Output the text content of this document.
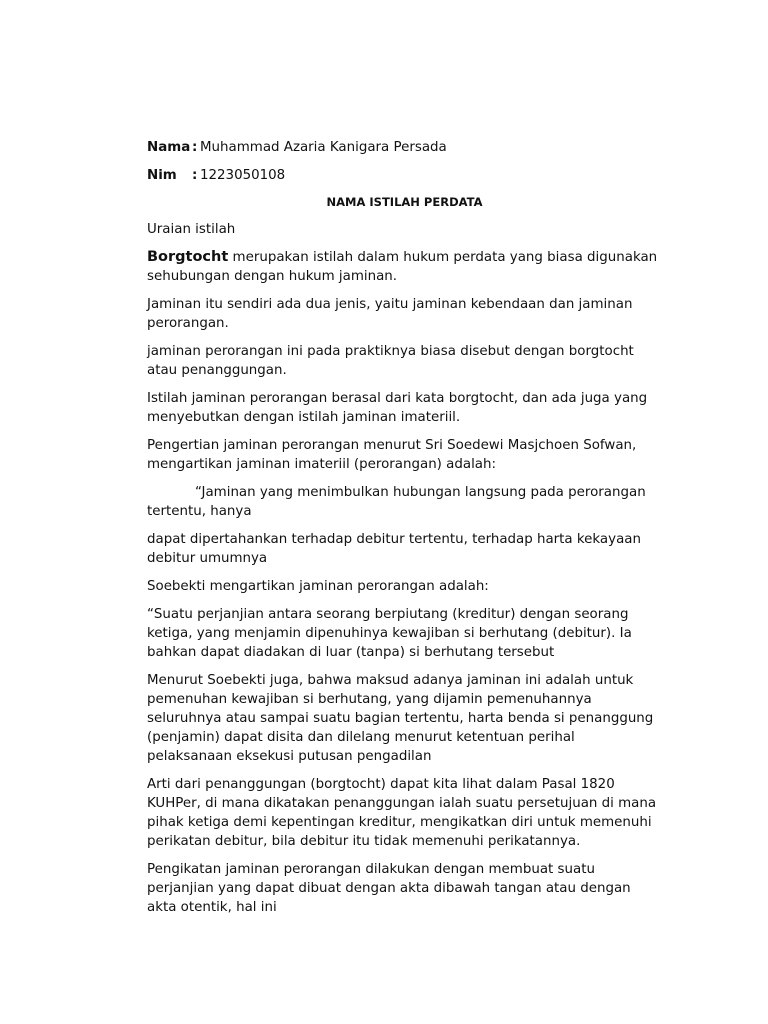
Nama : Muhammad Azaria Kanigara Persada
Nim	: 1223050108
NAMA ISTILAH PERDATA

Uraian istilah

Borgtocht merupakan istilah dalam hukum perdata yang biasa digunakan sehubungan dengan hukum jaminan.

Jaminan itu sendiri ada dua jenis, yaitu jaminan kebendaan dan jaminan perorangan.

jaminan perorangan ini pada praktiknya biasa disebut dengan borgtocht atau penanggungan.

Istilah jaminan perorangan berasal dari kata borgtocht, dan ada juga yang menyebutkan dengan istilah jaminan imateriil.

Pengertian jaminan perorangan menurut Sri Soedewi Masjchoen Sofwan, mengartikan jaminan imateriil (perorangan) adalah:

“Jaminan yang menimbulkan hubungan langsung pada perorangan tertentu, hanya

dapat dipertahankan terhadap debitur tertentu, terhadap harta kekayaan debitur umumnya

Soebekti mengartikan jaminan perorangan adalah:

“Suatu perjanjian antara seorang berpiutang (kreditur) dengan seorang ketiga, yang menjamin dipenuhinya kewajiban si berhutang (debitur). Ia bahkan dapat diadakan di luar (tanpa) si berhutang tersebut

Menurut Soebekti juga, bahwa maksud adanya jaminan ini adalah untuk pemenuhan kewajiban si berhutang, yang dijamin pemenuhannya seluruhnya atau sampai suatu bagian tertentu, harta benda si penanggung (penjamin) dapat disita dan dilelang menurut ketentuan perihal pelaksanaan eksekusi putusan pengadilan

Arti dari penanggungan (borgtocht) dapat kita lihat dalam Pasal 1820 KUHPer, di mana dikatakan penanggungan ialah suatu persetujuan di mana pihak ketiga demi kepentingan kreditur, mengikatkan diri untuk memenuhi perikatan debitur, bila debitur itu tidak memenuhi perikatannya.

Pengikatan jaminan perorangan dilakukan dengan membuat suatu perjanjian yang dapat dibuat dengan akta dibawah tangan atau dengan akta otentik, hal ini
